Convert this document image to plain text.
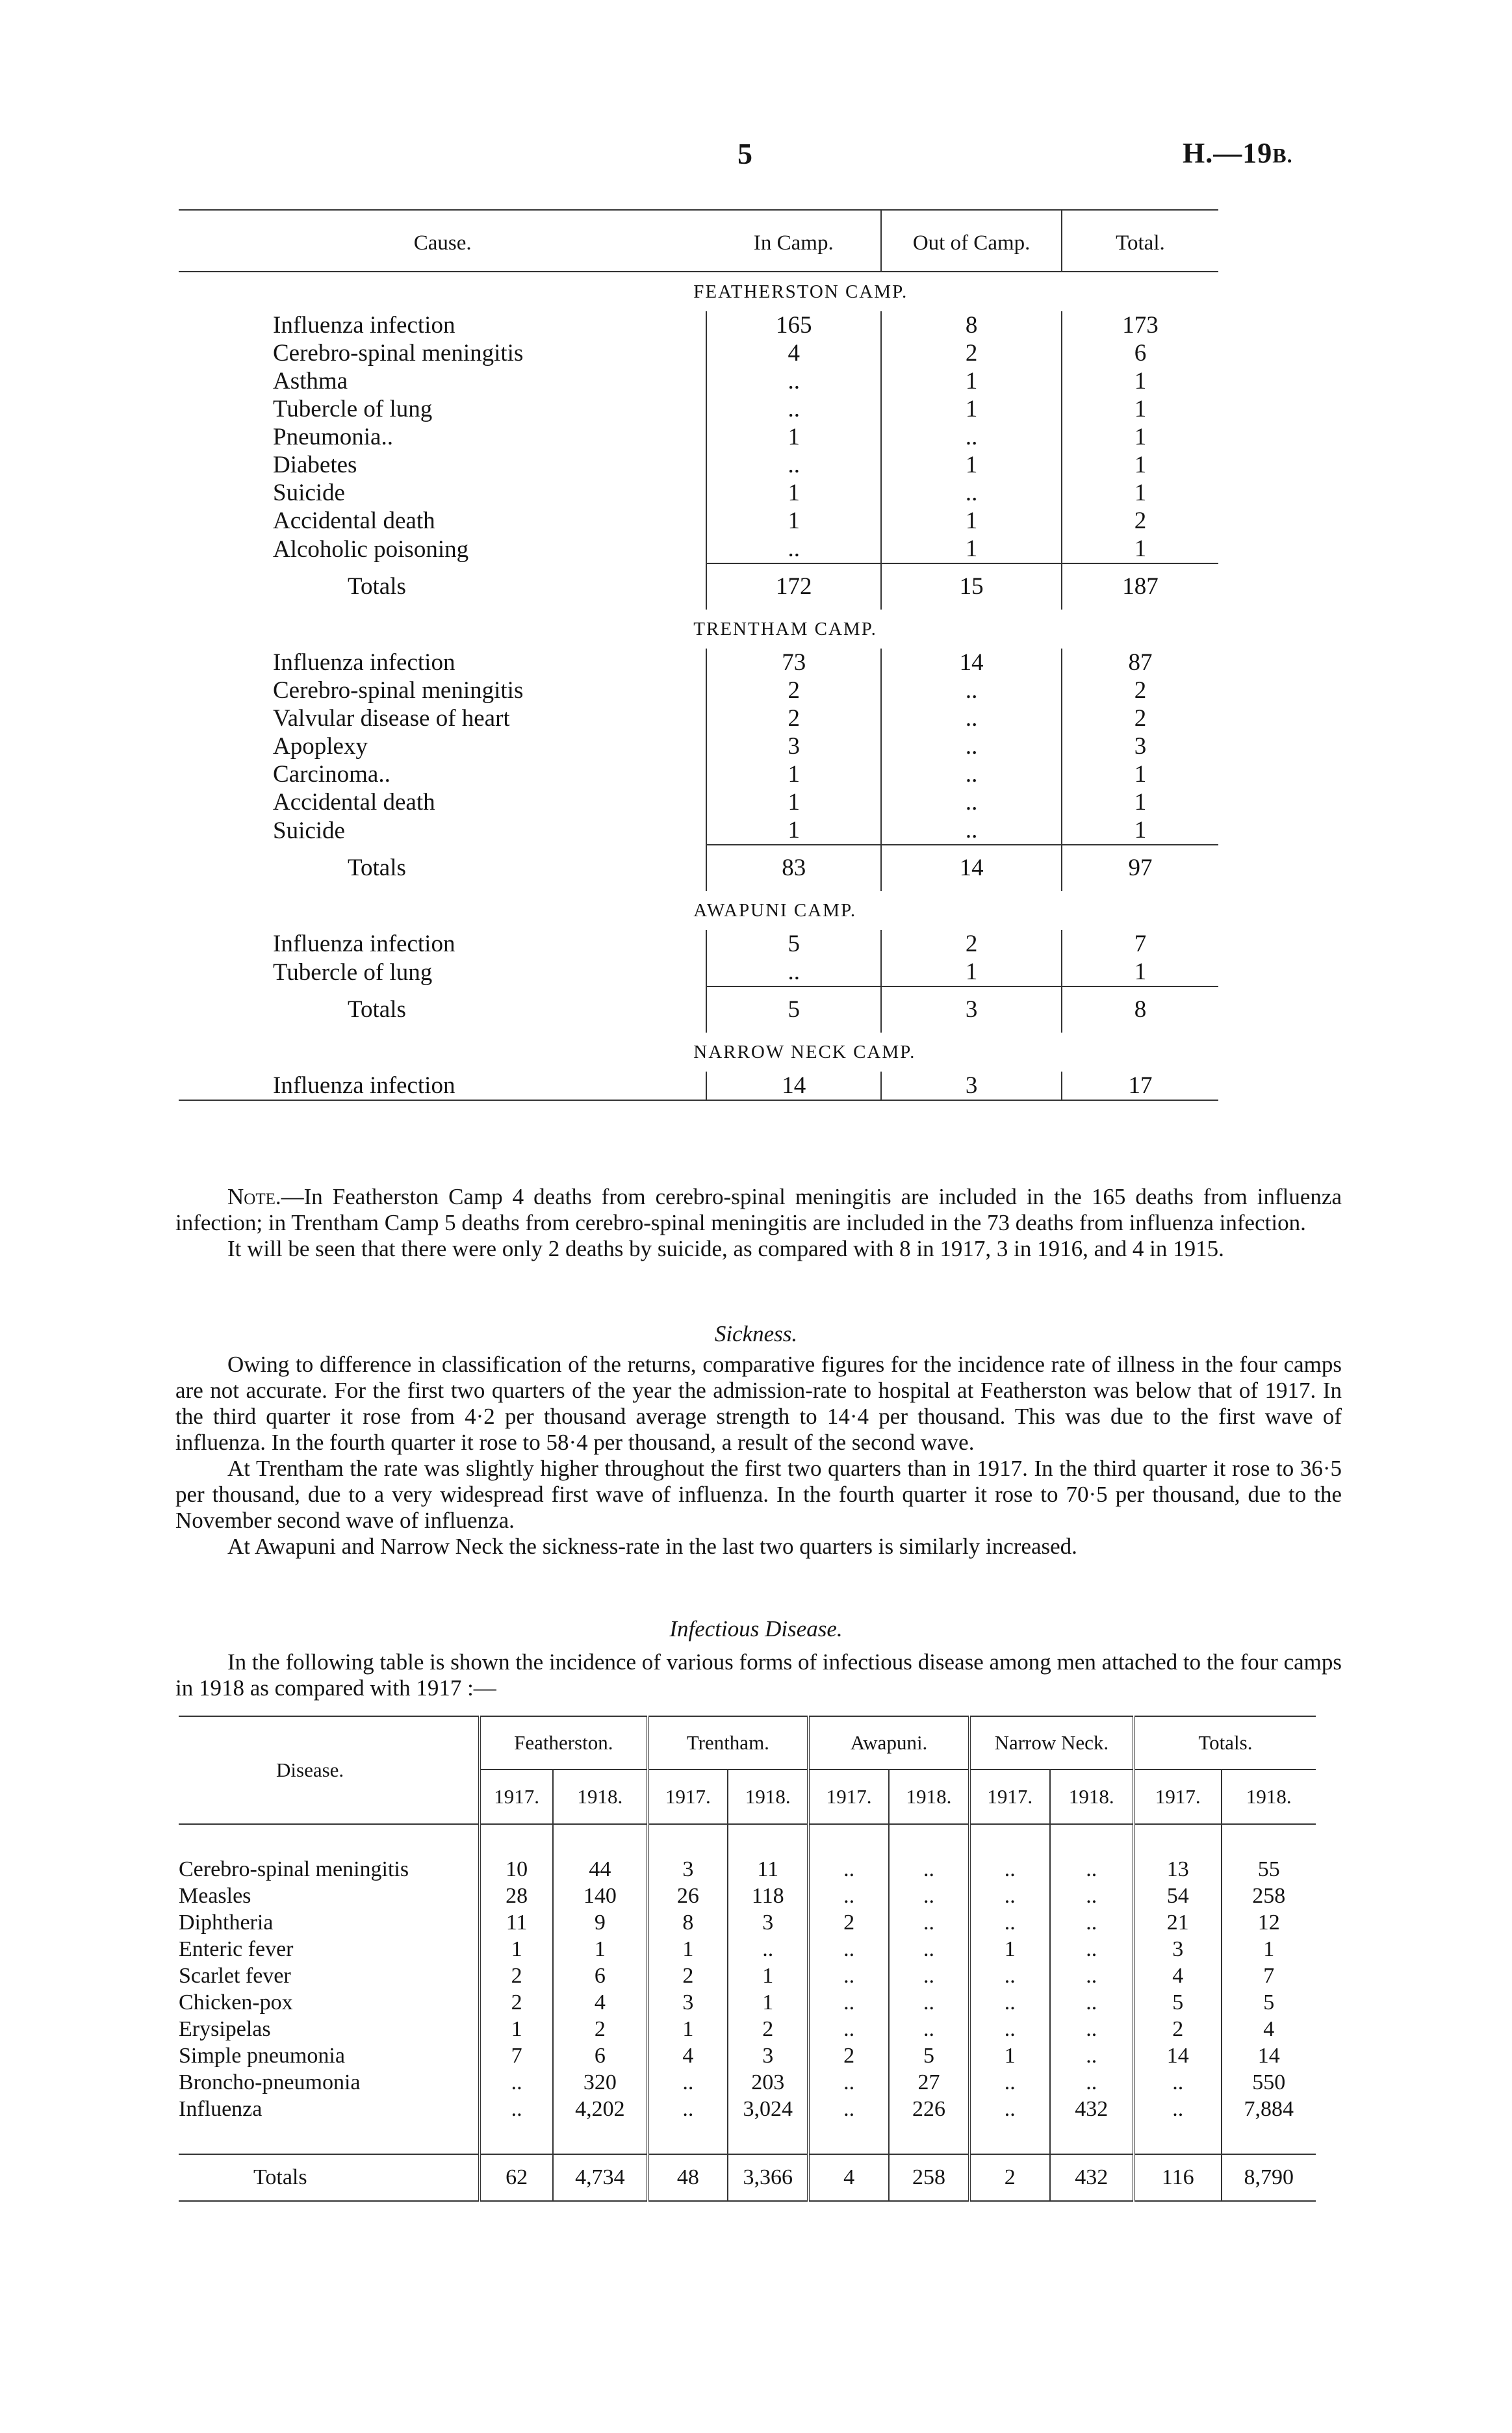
5	H.—19B.
Cause.	In Camp.	Out of Camp.	Total.
	FEATHERSTON CAMP.		
Influenza infection	165	8	173
Cerebro-spinal meningitis	4	2	6
Asthma	..	1	1
Tubercle of lung	..	1	1
Pneumonia..	1	..	1
Diabetes	..	1	1
Suicide	1	..	1
Accidental death	1	1	2
Alcoholic poisoning	..	1	1
Totals	172	15	187
	TRENTHAM CAMP.		
Influenza infection	73	14	87
Cerebro-spinal meningitis	2	..	2
Valvular disease of heart	2	..	2
Apoplexy	3	..	3
Carcinoma..	1	..	1
Accidental death	1	..	1
Suicide	1	..	1
Totals	83	14	97
	AWAPUNI CAMP.		
Influenza infection	5	2	7
Tubercle of lung	..	1	1
Totals	5	3	8
	NARROW NECK CAMP.		
Influenza infection	14	3	17
Note.—In Featherston Camp 4 deaths from cerebro-spinal meningitis are included in the 165 deaths from influenza infection; in Trentham Camp 5 deaths from cerebro-spinal meningitis are included in the 73 deaths from influenza infection.
It will be seen that there were only 2 deaths by suicide, as compared with 8 in 1917, 3 in 1916, and 4 in 1915.
Sickness.
Owing to difference in classification of the returns, comparative figures for the incidence rate of illness in the four camps are not accurate. For the first two quarters of the year the admission-rate to hospital at Featherston was below that of 1917. In the third quarter it rose from 4·2 per thousand average strength to 14·4 per thousand. This was due to the first wave of influenza. In the fourth quarter it rose to 58·4 per thousand, a result of the second wave.
At Trentham the rate was slightly higher throughout the first two quarters than in 1917. In the third quarter it rose to 36·5 per thousand, due to a very widespread first wave of influenza. In the fourth quarter it rose to 70·5 per thousand, due to the November second wave of influenza.
At Awapuni and Narrow Neck the sickness-rate in the last two quarters is similarly increased.
Infectious Disease.
In the following table is shown the incidence of various forms of infectious disease among men attached to the four camps in 1918 as compared with 1917 :—
Disease.	Featherston.		Trentham.		Awapuni.		Narrow Neck.		Totals.	
	1917.	1918.	1917.	1918.	1917.	1918.	1917.	1918.	1917.	1918.

Cerebro-spinal meningitis	10	44	3	11	..	..	..	..	13	55
Measles	28	140	26	118	..	..	..	..	54	258
Diphtheria	11	9	8	3	2	..	..	..	21	12
Enteric fever	1	1	1	..	..	..	1	..	3	1
Scarlet fever	2	6	2	1	..	..	..	..	4	7
Chicken-pox	2	4	3	1	..	..	..	..	5	5
Erysipelas	1	2	1	2	..	..	..	..	2	4
Simple pneumonia	7	6	4	3	2	5	1	..	14	14
Broncho-pneumonia	..	320	..	203	..	27	..	..	..	550
Influenza	..	4,202	..	3,024	..	226	..	432	..	7,884

Totals	62	4,734	48	3,366	4	258	2	432	116	8,790
